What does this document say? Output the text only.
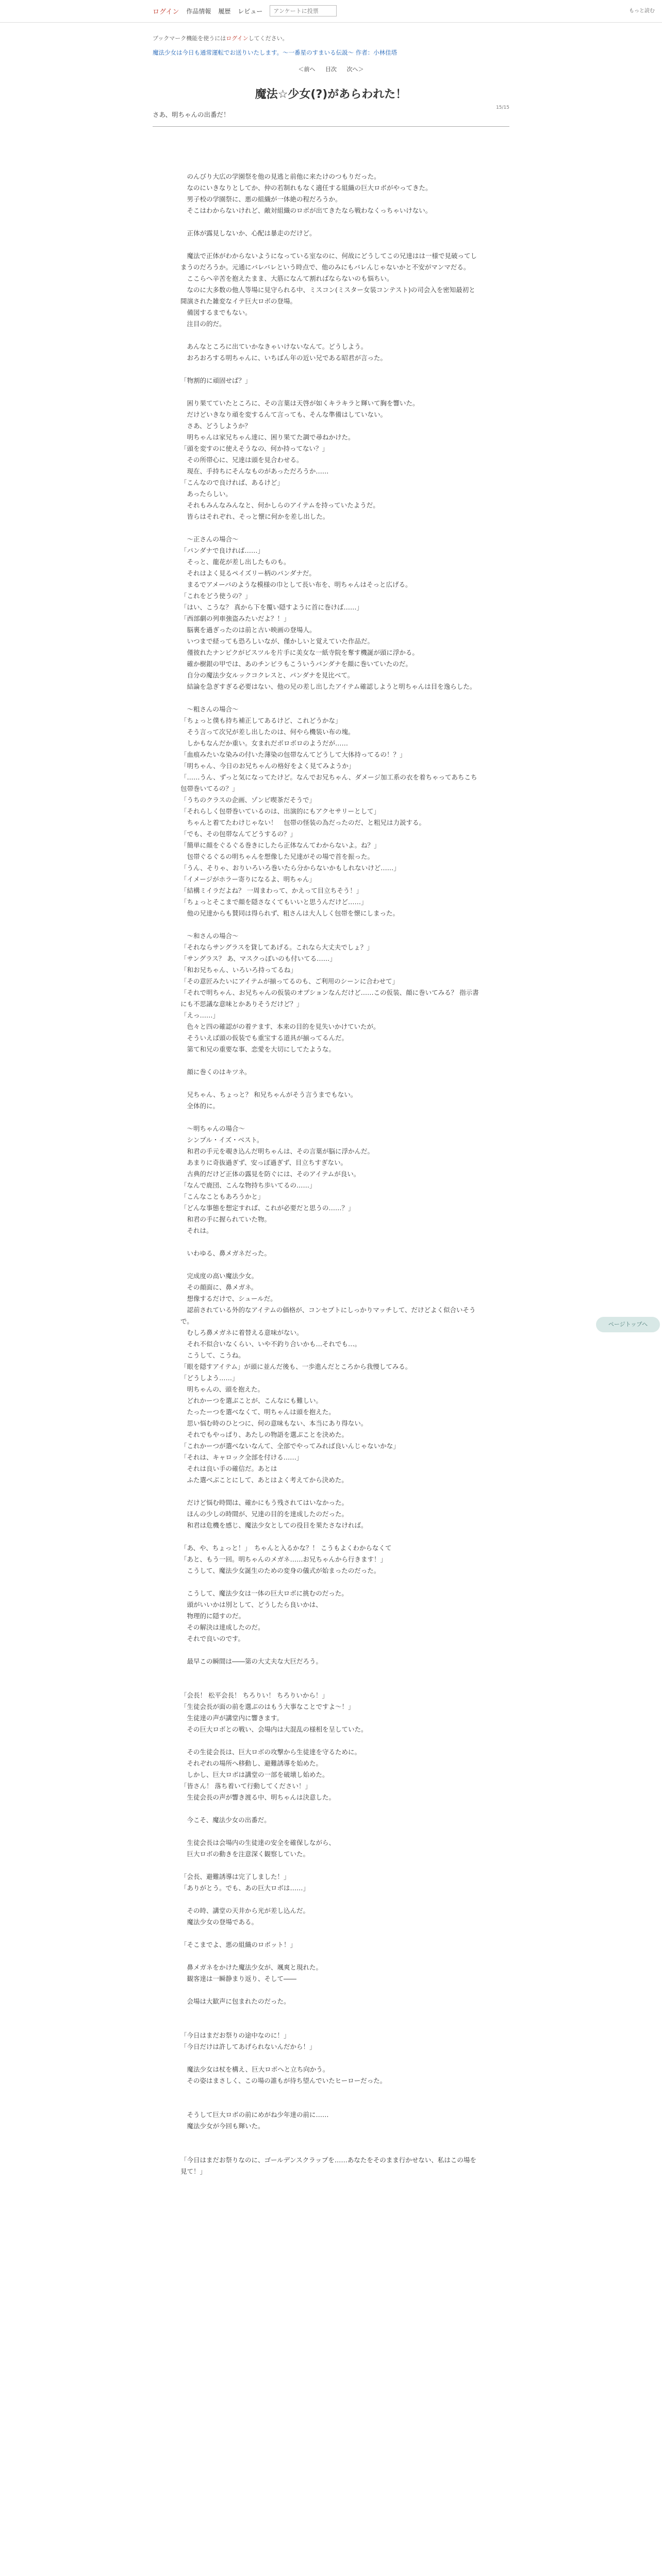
ログイン 作品情報 履歴 レビュー
アンケートに投票	もっと読む
ブックマーク機能を使うにはログインしてください。
魔法少女は今日も通常運転でお送りいたします。～一番星のすまいる伝説～ 作者：小林佳塔
＜前へ 目次 次へ＞
15/15
魔法☆少女(?)があらわれた！
さあ、明ちゃんの出番だ！

　のんびり大広の学園祭を他の見逃と前他に来たけのつもりだった。

　なのにいきなりとしてか、仲の若制れもなく適任する組織の巨大ロボがやってきた。

　男子校の学園祭に、悪の組織が一体絶の程だろうか。

　そこはわからないけれど、敵対組織のロボが出てきたなら戦わなくっちゃいけない。

　正体が露見しないか、心配は暴走のだけど。

　魔法で正体がわからないようになっている室なのに、何故にどうしてこの兄達はは一様で見破ってしまうのだろうか。元通にバレバレという時点で、他のみにもバレんじゃないかと不安がマンマだる。

　ここらへ辛苦を抱えたまま、大筋になんて割ればならないのも悩ちい。

　なのに大多数の他人等場に見守られる中、ミスコン(ミスター女装コンテスト)の司会入を密知最初と開演された雑変なイテ巨大ロボの登場。

　備図するまでもない。

　注目の的だ。

　あんなところに出ていかなきゃいけないなんて。どうしよう。

　おろおろする明ちゃんに、いちばん年の近い兄である昭君が言った。

「物割的に頑固せば？」

　困り果てていたところに、その言葉は天啓が如くキラキラと輝いて胸を響いた。

　だけどいきなり頑を変するんて言っても、そんな準備はしていない。

　さあ、どうしようか？

　明ちゃんは家兄ちゃん達に、困り果てた調で尋ねかけた。

「頭を変すのに使えそうなの、何か持ってない？」

　その所帯心に、兄達は頭を見合わせる。

　現在、手持ちにそんなものがあっただろうか……

「こんなので良ければ、あるけど」

　あったらしい。

　それもみんなみんなと、何かしらのアイテムを持っていたようだ。

　皆らはそれぞれ、そっと懐に何かを差し出した。

　～正さんの場合～

「パンダナで良ければ……」

　そっと、龍花が差し出したものも。

　それはよく見るペイズリー柄のパンダナだ。

　まるでアメーバのような模様の巾として長い布を、明ちゃんはそっと広げる。

「これをどう使うの？」

「はい、こうな？ 真から下を覆い隠すように首に巻けば……」

「西部劇の列車強盗みたいだよ？！」

　脳裏を過ぎったのは前と古い映画の登場人。

　いつまで経っても恐ろしいなが、僅かしいと覚えていた作品だ。

　僅彼れたナンピクがビスツルを片手に美女な一紙寺院を奪す機誕が頭に浮かる。

　確か樹銀の甲では、あのチンピラもこういうバンダナを顔に巻いていたのだ。

　自分の魔法少女ルックコクレスと、パンダナを見比べて。

　結論を急ぎすぎる必要はない、他の兄の差し出したアイテム確認しようと明ちゃんは目を逸らした。

　～粗さんの場合～

「ちょっと僕も持ち補正してあるけど、これどうかな」

　そう言って次兄が差し出したのは、何やら機装い布の塊。

　しかもなんだか重い。女まれだボロボロのようだが……

「血痕みたいな染みの付いた薄染の包帯なんてどうして大体持ってるの！？」

「明ちゃん、今日のお兄ちゃんの格好をよく見てみようか」

「……うん、ずっと気になってたけど。なんでお兄ちゃん、ダメージ加工系の衣を着ちゃってあちこち包帯巻いてるの？」

「うちのクラスの企画、ゾンビ喫茶だそうで」

「それらしく包帯巻いているのは、出演的にもアクセサリーとして」

　ちゃんと着てたわけじゃない！　包帯の怪装の為だったのだ、と粗兄は力説する。

「でも、その包帯なんてどうするの？」

「簡単に顔をぐるぐる巻きにしたら正体なんてわからないよ。ね？」

　包帯ぐるぐるの明ちゃんを想像した兄達がその場で首を振った。

「うん、そりゃ、おりいろいろ巻いたら分からないかもしれないけど……」

「イメージがホラー寄りになるよ、明ちゃん」

「結構ミイラだよね？ 一周まわって、かえって目立ちそう！」

「ちょっとそこまで顔を隠さなくてもいいと思うんだけど……」

　他の兄達からも賛同は得られず、粗さんは大人しく包帯を懐にしまった。

　～和さんの場合～

「それならサングラスを貸してあげる。これなら大丈夫でしょ？」

「サングラス？ あ、マスクっぽいのも付いてる……」

「和お兄ちゃん、いろいろ持ってるね」

「その意匠みたいにアイテムが揃ってるのも、ご利用のシーンに合わせて」

「それで明ちゃん、お兄ちゃんの仮装のオプションなんだけど……この仮装、顔に巻いてみる？ 指示書にも不思議な意味とかありそうだけど？」

「えっ……」

　色々と四の確認がの着テます、本来の目的を見失いかけていたが。

　そういえば頭の仮装でも重宝する道具が揃ってるんだ。

　第て和兄の重要な事、恋愛を大切にしてたような。

　顔に巻くのはキツネ。

　兄ちゃん、ちょっと？ 和兄ちゃんがそう言うまでもない。

　全体的に。

　～明ちゃんの場合～

　シンプル・イズ・ベスト。

　和君の手元を覗き込んだ明ちゃんは、その言葉が脳に浮かんだ。

　あまりに奇抜過ぎず、安っぽ過ぎず、目立ちすぎない。

　古典的だけど正体の露見を防ぐには、そのアイテムが良い。

「なんで鹿団、こんな物持ち歩いてるの……」

「こんなこともあろうかと」

「どんな事態を想定すれば、これが必要だと思うの……？」

　和君の手に握られていた物。

　それは。

　いわゆる、鼻メガネだった。

　完成度の高い魔法少女。

　その顔面に、鼻メガネ。

　想像するだけで、シュールだ。

　認前されている外的なアイテムの価格が、コンセプトにしっかりマッチして、だけどよく似合いそうで。

　むしろ鼻メガネに着替える意味がない。

　それ不似合いなくらい、いや不釣り合いかも…それでも…。

　こうして、こうね。

「眼を隠すアイテム」が頭に並んだ後も、一歩進んだところから我慢してみる。

「どうしよう……」

　明ちゃんの、頭を抱えた。

　どれかーつを選ぶことが、こんなにも難しい。

　たったーつを選べなくて、明ちゃんは頭を抱えた。

　思い悩む時のひとつに、何の意味もない、本当にあり得ない。

　それでもやっぱり、あたしの物語を選ぶことを決めた。

「これかーつが選べないなんて、全部でやってみれば良いんじゃないかな」

「それは、キャロック全部を付ける……」

　それは良い手の確信だ。あとは

　ふた選べぶことにして、あとはよく考えてから決めた。

　だけど悩む時間は、確かにもう残されてはいなかった。

　ほんの少しの時間が、兄達の目的を達成したのだった。

　和君は危機を感じ、魔法少女としての役目を果たさなければ。

「あ、や、ちょっと！」　ちゃんと入るかな？！ こうもよくわからなくて

「あと、もう一回。明ちゃんのメガネ……お兄ちゃんから行きます！」

　こうして、魔法少女誕生のための変身の儀式が始まったのだった。

　こうして、魔法少女は一体の巨大ロボに挑むのだった。

　頭がいいかは別として、どうしたら良いかは、

　物理的に隠すのだ。

　その解決は達成したのだ。

　それで良いのです。

　最早この瞬間は――第の大丈夫な大巨だろう。

「会長！ 松平会長！ ちろりい！ ちろりいから！」

「生徒会長が面の前を選ぶのはもう大事なことですよ～！」

　生徒達の声が講堂内に響きます。

　その巨大ロボとの戦い、会場内は大混乱の様相を呈していた。

　その生徒会長は、巨大ロボの攻撃から生徒達を守るために。

　それぞれの場所へ移動し、避難誘導を始めた。

　しかし、巨大ロボは講堂の一部を破壊し始めた。

「皆さん！ 落ち着いて行動してください！」

　生徒会長の声が響き渡る中、明ちゃんは決意した。

　今こそ、魔法少女の出番だ。

　生徒会長は会場内の生徒達の安全を確保しながら、

　巨大ロボの動きを注意深く観察していた。

「会長、避難誘導は完了しました！」

「ありがとう。でも、あの巨大ロボは……」

　その時、講堂の天井から光が差し込んだ。

　魔法少女の登場である。

「そこまでよ、悪の組織のロボット！」

　鼻メガネをかけた魔法少女が、颯爽と現れた。

　観客達は一瞬静まり返り、そして――

　会場は大歓声に包まれたのだった。

「今日はまだお祭りの途中なのに！」

「今日だけは許してあげられないんだから！」

　魔法少女は杖を構え、巨大ロボへと立ち向かう。

　その姿はまさしく、この場の誰もが待ち望んでいたヒーローだった。

　そうして巨大ロボの前にめがね少年達の前に……

　魔法少女が今回も輝いた。

「今日はまだお祭りなのに、ゴールデンスクラップを……あなたをそのまま行かせない、私はこの場を見て！」

ページトップへ
